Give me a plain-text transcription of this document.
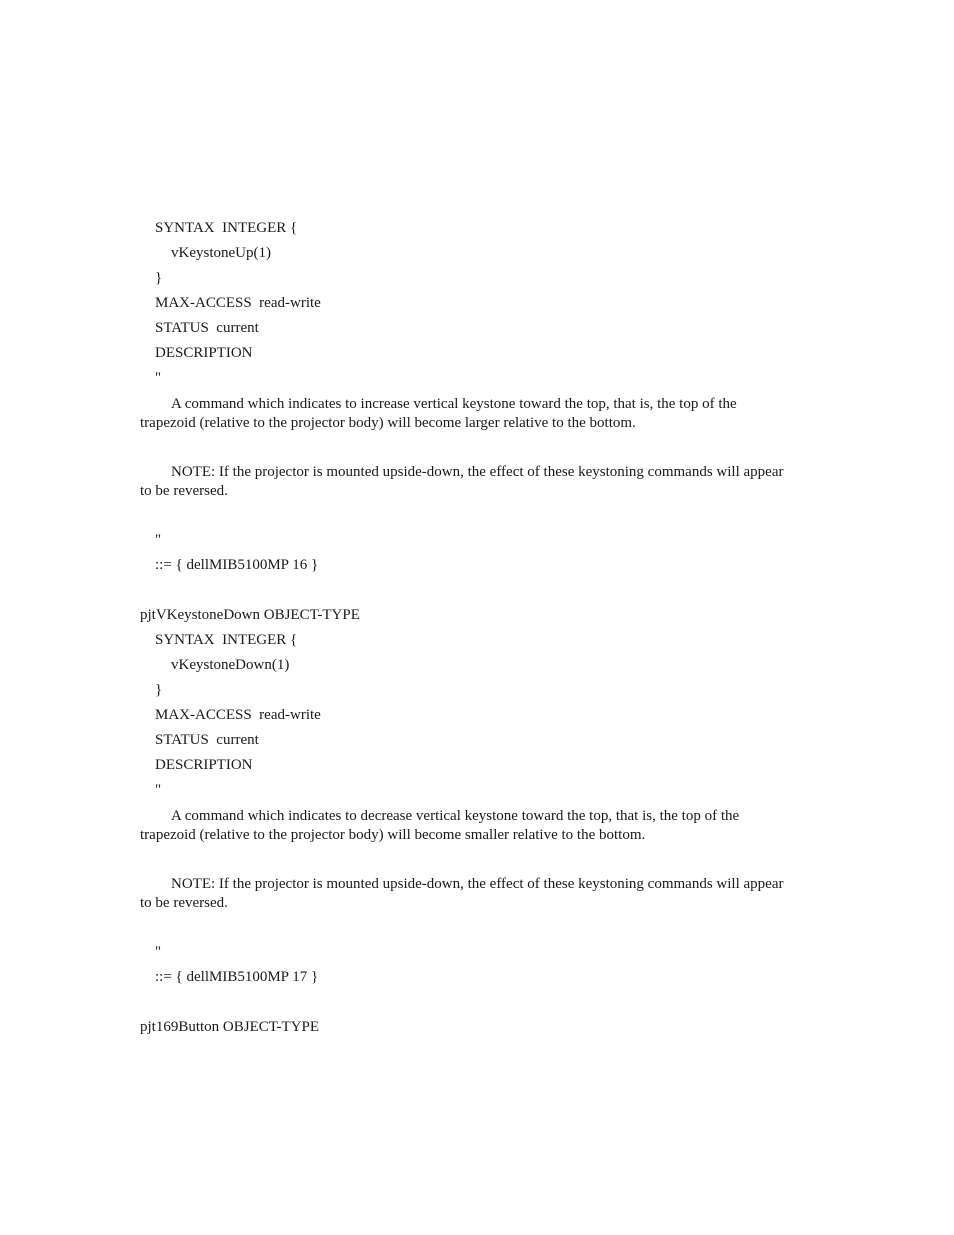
SYNTAX  INTEGER {
vKeystoneUp(1)
}
MAX-ACCESS  read-write
STATUS  current
DESCRIPTION
"
A command which indicates to increase vertical keystone toward the top, that is, the top of the trapezoid (relative to the projector body) will become larger relative to the bottom.
NOTE: If the projector is mounted upside-down, the effect of these keystoning commands will appear to be reversed.
"
::= { dellMIB5100MP 16 }
pjtVKeystoneDown OBJECT-TYPE
SYNTAX  INTEGER {
vKeystoneDown(1)
}
MAX-ACCESS  read-write
STATUS  current
DESCRIPTION
"
A command which indicates to decrease vertical keystone toward the top, that is, the top of the trapezoid (relative to the projector body) will become smaller relative to the bottom.
NOTE: If the projector is mounted upside-down, the effect of these keystoning commands will appear to be reversed.
"
::= { dellMIB5100MP 17 }
pjt169Button OBJECT-TYPE
